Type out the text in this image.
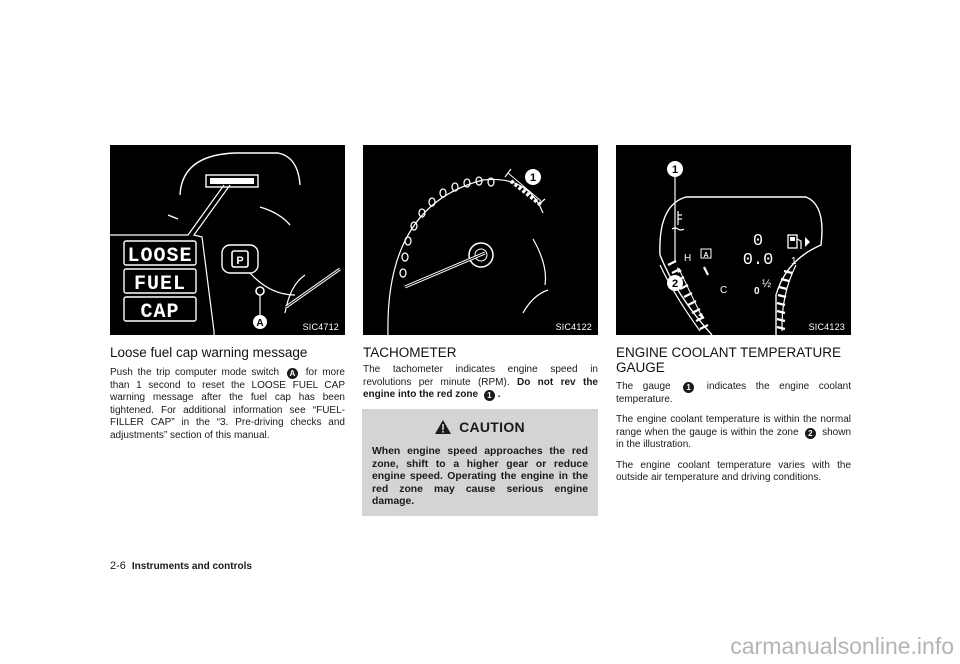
LOOSE
FUEL
CAP
P
A	SIC4712
1
SIC4122
H
C
A
0
0.0 1
½
0
1
2
SIC4123
Loose fuel cap warning message

Push the trip computer mode switch A for more than 1 second to reset the LOOSE FUEL CAP warning message after the fuel cap has been tightened. For additional information see “FUEL-FILLER CAP” in the “3. Pre-driving checks and adjustments” section of this manual.

TACHOMETER

The tachometer indicates engine speed in revolutions per minute (RPM). Do not rev the engine into the red zone 1 .

CAUTION
When engine speed approaches the red zone, shift to a higher gear or reduce engine speed. Operating the engine in the red zone may cause serious engine damage.
ENGINE COOLANT TEMPERATURE GAUGE

The gauge 1 indicates the engine coolant temperature.

The engine coolant temperature is within the normal range when the gauge is within the zone 2 shown in the illustration.

The engine coolant temperature varies with the outside air temperature and driving conditions.

2-6 Instruments and controls
carmanualsonline.info
